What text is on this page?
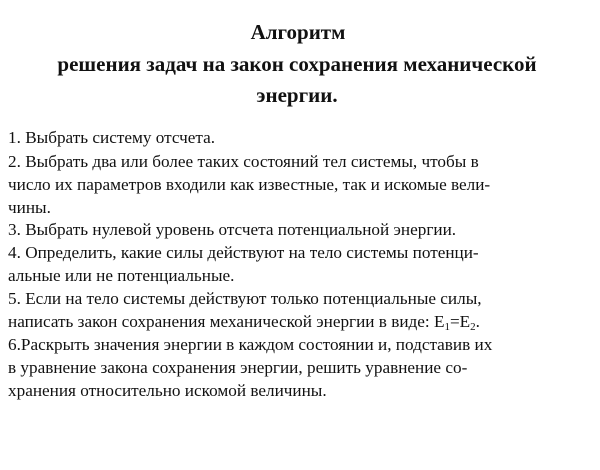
Алгоритм
решения задач на закон сохранения механической
энергии.

1. Выбрать систему отсчета.

2. Выбрать два или более таких состояний тел системы, чтобы в

число их параметров входили как известные, так и искомые вели-

чины.

3. Выбрать нулевой уровень отсчета потенциальной энергии.

4. Определить, какие силы действуют на тело системы потенци-

альные или не потенциальные.

5. Если на тело системы действуют только потенциальные силы,

написать закон сохранения механической энергии в виде: $E_1=E_2$.

6.Раскрыть значения энергии в каждом состоянии и, подставив их

в уравнение закона сохранения энергии, решить уравнение со-

хранения относительно искомой величины.
